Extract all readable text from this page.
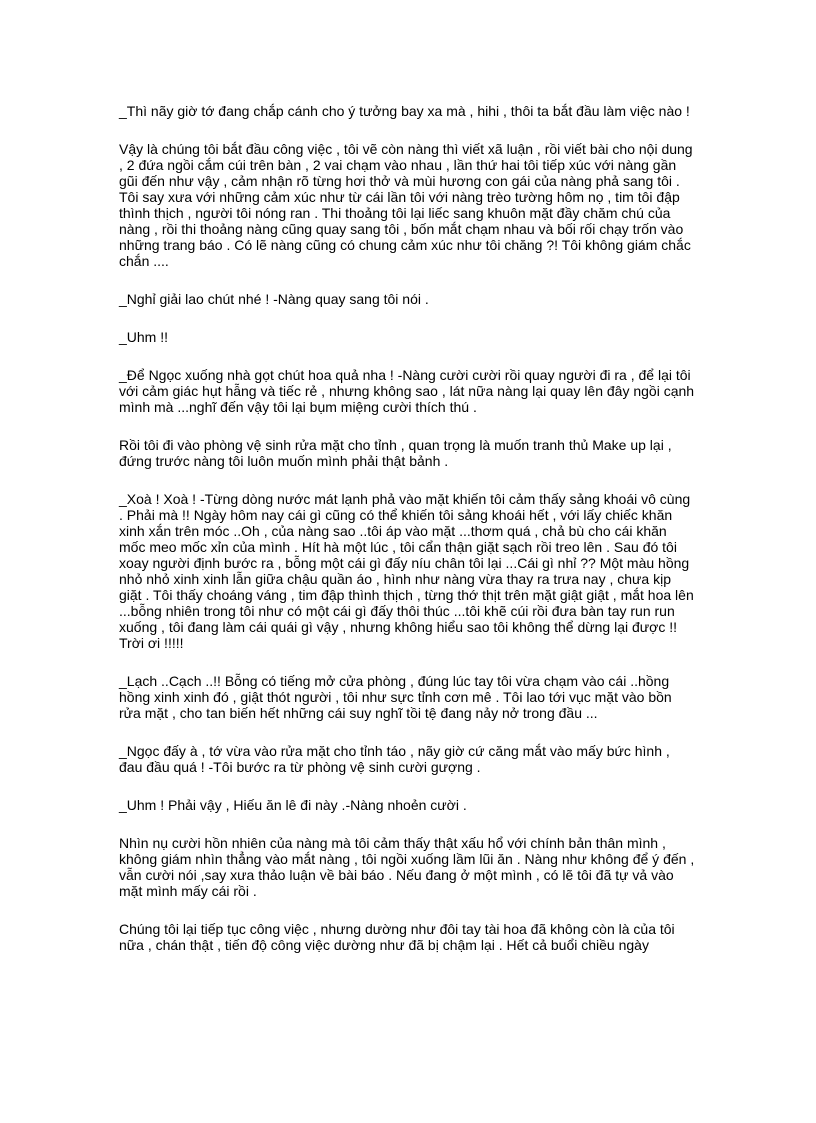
_Thì nãy giờ tớ đang chắp cánh cho ý tưởng bay xa mà , hihi , thôi ta bắt đầu làm việc nào !

Vậy là chúng tôi bắt đầu công việc , tôi vẽ còn nàng thì viết xã luận , rồi viết bài cho nội dung , 2 đứa ngồi cắm cúi trên bàn , 2 vai chạm vào nhau , lần thứ hai tôi tiếp xúc với nàng gần gũi đến như vậy , cảm nhận rõ từng hơi thở và mùi hương con gái của nàng phả sang tôi . Tôi say xưa với những cảm xúc như từ cái lần tôi với nàng trèo tường hôm nọ , tim tôi đập thình thịch , người tôi nóng ran . Thi thoảng tôi lại liếc sang khuôn mặt đầy chăm chú của nàng , rồi thi thoảng nàng cũng quay sang tôi , bốn mắt chạm nhau và bối rối chạy trốn vào những trang báo . Có lẽ nàng cũng có chung cảm xúc như tôi chăng ?! Tôi không giám chắc chắn ....

_Nghỉ giải lao chút nhé ! -Nàng quay sang tôi nói .

_Uhm !!

_Để Ngọc xuống nhà gọt chút hoa quả nha ! -Nàng cười cười rồi quay người đi ra , để lại tôi với cảm giác hụt hẫng và tiếc rẻ , nhưng không sao , lát nữa nàng lại quay lên đây ngồi cạnh mình mà ...nghĩ đến vậy tôi lại bụm miệng cười thích thú .

Rồi tôi đi vào phòng vệ sinh rửa mặt cho tỉnh , quan trọng là muốn tranh thủ Make up lại , đứng trước nàng tôi luôn muốn mình phải thật bảnh .

_Xoà ! Xoà ! -Từng dòng nước mát lạnh phả vào mặt khiến tôi cảm thấy sảng khoái vô cùng . Phải mà !! Ngày hôm nay cái gì cũng có thể khiến tôi sảng khoái hết , với lấy chiếc khăn xinh xắn trên móc ..Oh , của nàng sao ..tôi áp vào mặt ...thơm quá , chả bù cho cái khăn mốc meo mốc xỉn của mình . Hít hà một lúc , tôi cẩn thận giặt sạch rồi treo lên . Sau đó tôi xoay người định bước ra , bỗng một cái gì đấy níu chân tôi lại ...Cái gì nhỉ ?? Một màu hồng nhỏ nhỏ xinh xinh lẫn giữa chậu quần áo , hình như nàng vừa thay ra trưa nay , chưa kịp giặt . Tôi thấy choáng váng , tim đập thình thịch , từng thớ thịt trên mặt giật giật , mắt hoa lên ...bỗng nhiên trong tôi như có một cái gì đấy thôi thúc ...tôi khẽ cúi rồi đưa bàn tay run run xuống , tôi đang làm cái quái gì vậy , nhưng không hiểu sao tôi không thể dừng lại được !! Trời ơi !!!!!

_Lạch ..Cạch ..!! Bỗng có tiếng mở cửa phòng , đúng lúc tay tôi vừa chạm vào cái ..hồng hồng xinh xinh đó , giật thót người , tôi như sực tỉnh cơn mê . Tôi lao tới vục mặt vào bồn rửa mặt , cho tan biến hết những cái suy nghĩ tồi tệ đang nảy nở trong đầu ...

_Ngọc đấy à , tớ vừa vào rửa mặt cho tỉnh táo , nãy giờ cứ căng mắt vào mấy bức hình , đau đầu quá ! -Tôi bước ra từ phòng vệ sinh cười gượng .

_Uhm ! Phải vậy , Hiếu ăn lê đi này .-Nàng nhoẻn cười .

Nhìn nụ cười hồn nhiên của nàng mà tôi cảm thấy thật xấu hổ với chính bản thân mình , không giám nhìn thẳng vào mắt nàng , tôi ngồi xuống lầm lũi ăn . Nàng như không để ý đến , vẫn cười nói ,say xưa thảo luận về bài báo . Nếu đang ở một mình , có lẽ tôi đã tự vả vào mặt mình mấy cái rồi .

Chúng tôi lại tiếp tục công việc , nhưng dường như đôi tay tài hoa đã không còn là của tôi nữa , chán thật , tiến độ công việc dường như đã bị chậm lại . Hết cả buổi chiều ngày
